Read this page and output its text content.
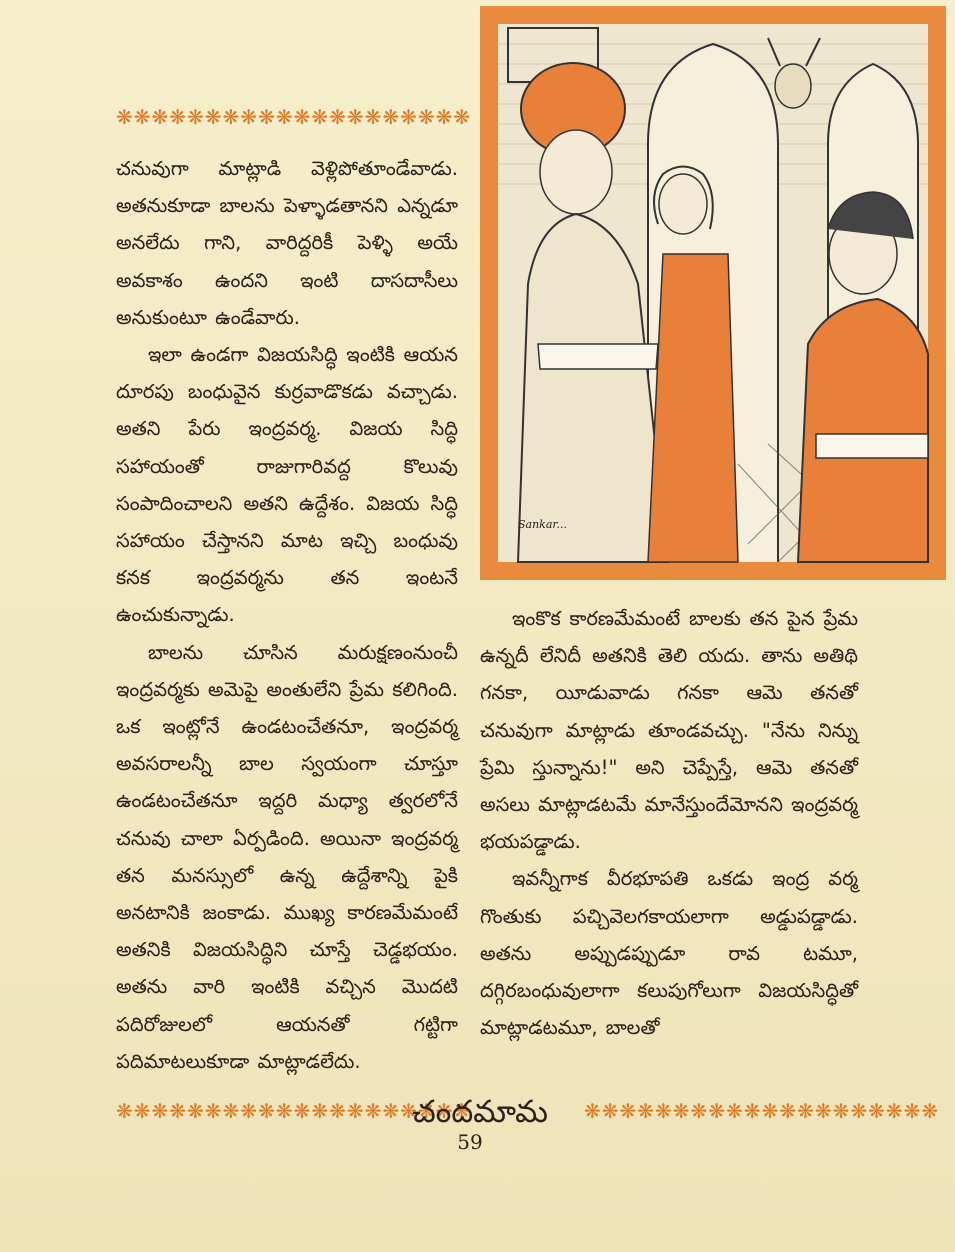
❋❋❋❋❋❋❋❋❋❋❋❋❋❋❋❋❋❋❋❋

చనువుగా మాట్లాడి వెళ్లిపోతూండేవాడు. అతనుకూడా బాలను పెళ్ళాడతానని ఎన్నడూ అనలేదు గాని, వారిద్దరికీ పెళ్ళి అయే అవకాశం ఉందని ఇంటి దాసదాసీలు అనుకుంటూ ఉండేవారు.

ఇలా ఉండగా విజయసిద్ధి ఇంటికి ఆయన దూరపు బంధువైన కుర్రవాడొకడు వచ్చాడు. అతని పేరు ఇంద్రవర్మ. విజయ సిద్ధి సహాయంతో రాజుగారివద్ద కొలువు సంపాదించాలని అతని ఉద్దేశం. విజయ సిద్ధి సహాయం చేస్తానని మాట ఇచ్చి బంధువు కనక ఇంద్రవర్మను తన ఇంటనే ఉంచుకున్నాడు.

బాలను చూసిన మరుక్షణంనుంచీ ఇంద్రవర్మకు అమెపై అంతులేని ప్రేమ కలిగింది. ఒక ఇంట్లోనే ఉండటంచేతనూ, ఇంద్రవర్మ అవసరాలన్నీ బాల స్వయంగా చూస్తూ ఉండటంచేతనూ ఇద్దరి మధ్యా త్వరలోనే చనువు చాలా ఏర్పడింది. అయినా ఇంద్రవర్మ తన మనస్సులో ఉన్న ఉద్దేశాన్ని పైకి అనటానికి జంకాడు. ముఖ్య కారణమేమంటే అతనికి విజయసిద్ధిని చూస్తే చెడ్డభయం. అతను వారి ఇంటికి వచ్చిన మొదటి పదిరోజులలో ఆయనతో గట్టిగా పదిమాటలుకూడా మాట్లాడలేదు.

Sankar...

ఇంకొక కారణమేమంటే బాలకు తన పైన ప్రేమ ఉన్నదీ లేనిదీ అతనికి తెలి యదు. తాను అతిథి గనకా, యీడువాడు గనకా ఆమె తనతో చనువుగా మాట్లాడు తూండవచ్చు. "నేను నిన్ను ప్రేమి స్తున్నాను!" అని చెప్పేస్తే, ఆమె తనతో అసలు మాట్లాడటమే మానేస్తుందేమోనని ఇంద్రవర్మ భయపడ్డాడు.

ఇవన్నీగాక వీరభూపతి ఒకడు ఇంద్ర వర్మ గొంతుకు పచ్చివెలగకాయలాగా అడ్డుపడ్డాడు. అతను అప్పుడప్పుడూ రావ టమూ, దగ్గిరబంధువులాగా కలుపుగోలుగా విజయసిద్ధితో మాట్లాడటమూ, బాలతో

❋❋❋❋❋❋❋❋❋❋❋❋❋❋❋❋❋❋❋❋
చందమామ	❋❋❋❋❋❋❋❋❋❋❋❋❋❋❋❋❋❋❋❋
59
